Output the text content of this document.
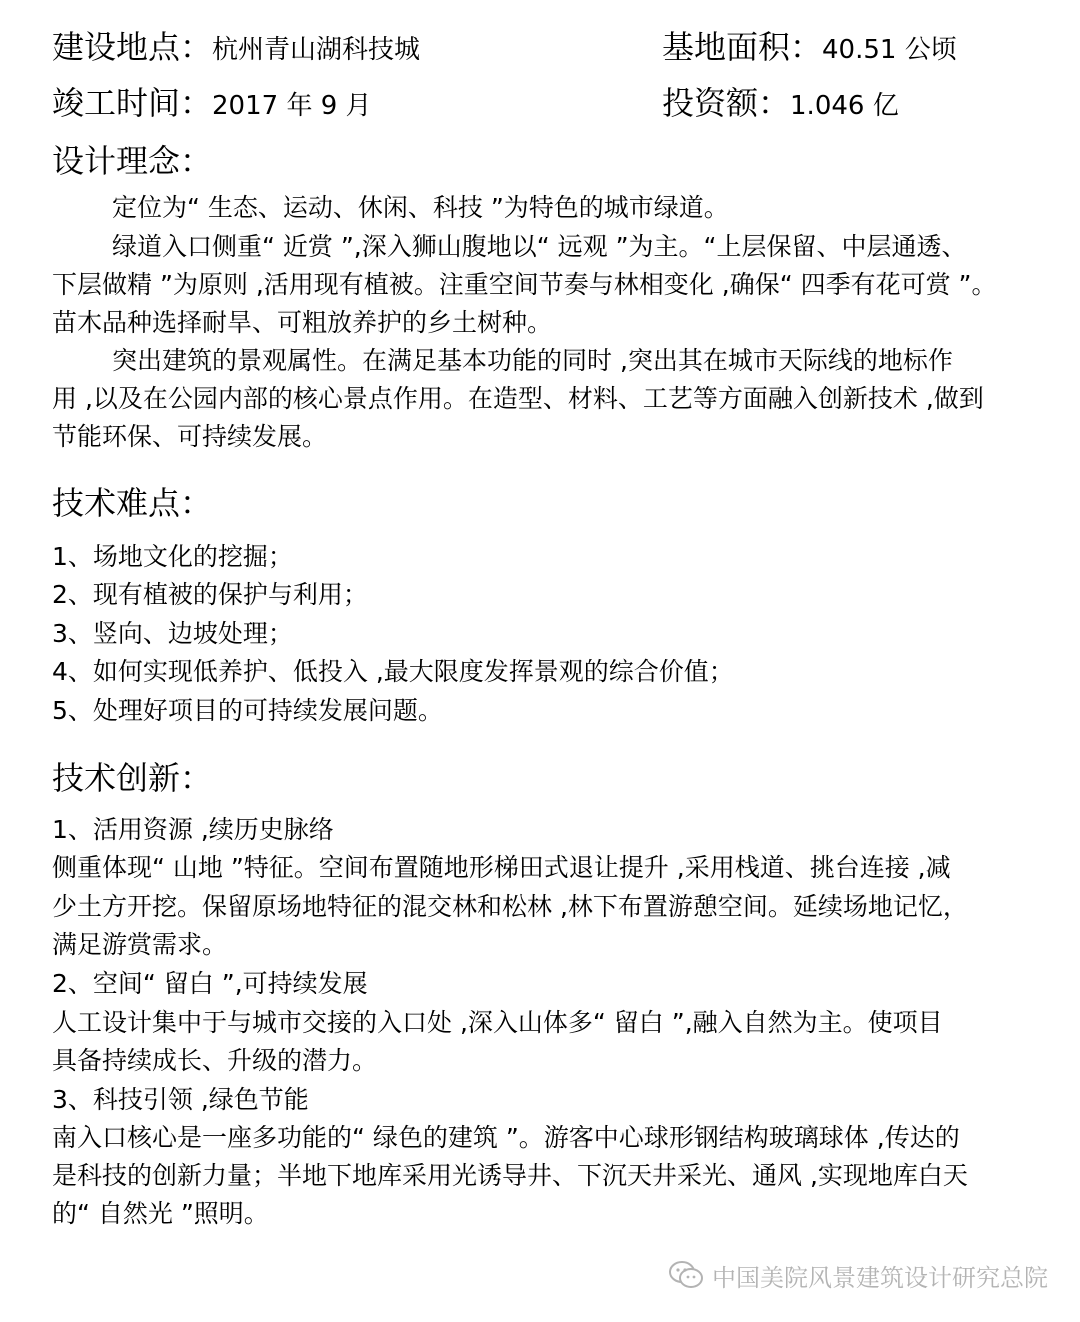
建设地点：杭州青山湖科技城	基地面积：40.51 公顷
竣工时间：2017 年 9 月	投资额：1.046 亿
设计理念：
定位为“ 生态、运动、休闲、科技 ”为特色的城市绿道。
绿道入口侧重“ 近赏 ”,深入狮山腹地以“ 远观 ”为主。“上层保留、中层通透、
下层做精 ”为原则 ,活用现有植被。注重空间节奏与林相变化 ,确保“ 四季有花可赏 ”。
苗木品种选择耐旱、可粗放养护的乡土树种。
突出建筑的景观属性。在满足基本功能的同时 ,突出其在城市天际线的地标作
用 ,以及在公园内部的核心景点作用。在造型、材料、工艺等方面融入创新技术 ,做到
节能环保、可持续发展。
技术难点：
1、场地文化的挖掘；
2、现有植被的保护与利用；
3、竖向、边坡处理；
4、如何实现低养护、低投入 ,最大限度发挥景观的综合价值；
5、处理好项目的可持续发展问题。
技术创新：
1、活用资源 ,续历史脉络
侧重体现“ 山地 ”特征。空间布置随地形梯田式退让提升 ,采用栈道、挑台连接 ,减
少土方开挖。保留原场地特征的混交林和松林 ,林下布置游憩空间。延续场地记忆，
满足游赏需求。
2、空间“ 留白 ”,可持续发展
人工设计集中于与城市交接的入口处 ,深入山体多“ 留白 ”,融入自然为主。使项目
具备持续成长、升级的潜力。
3、科技引领 ,绿色节能
南入口核心是一座多功能的“ 绿色的建筑 ”。游客中心球形钢结构玻璃球体 ,传达的
是科技的创新力量；半地下地库采用光诱导井、下沉天井采光、通风 ,实现地库白天
的“ 自然光 ”照明。
中国美院风景建筑设计研究总院
